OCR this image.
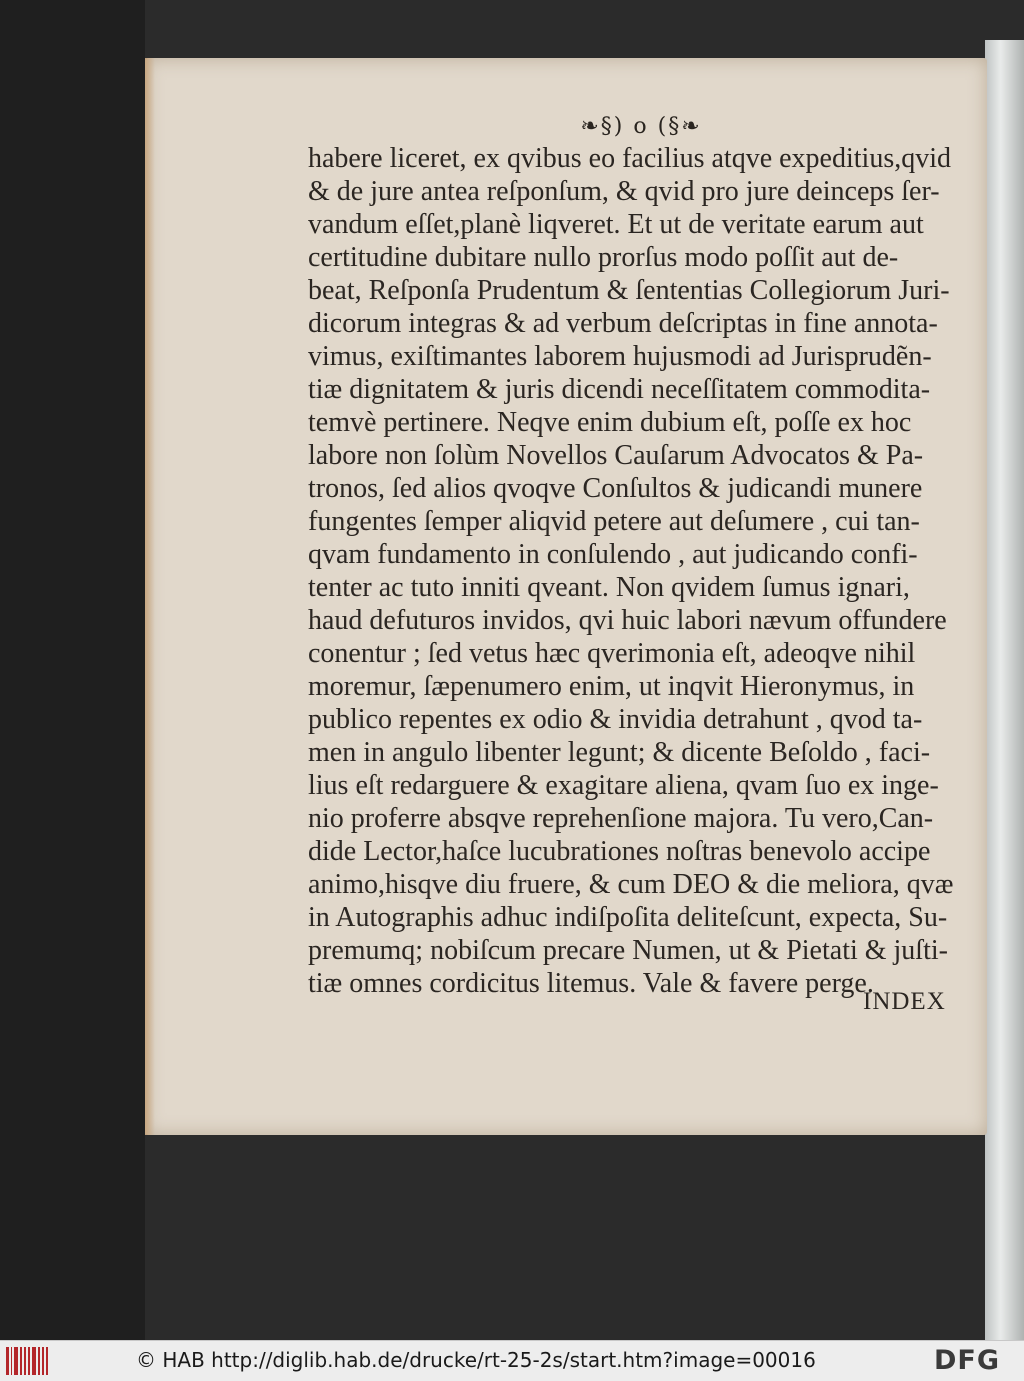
❧§) o (§❧
habere liceret, ex qvibus eo facilius atqve expeditius,qvid
& de jure antea reſponſum, & qvid pro jure deinceps ſer-
vandum eſſet,planè liqveret. Et ut de veritate earum aut
certitudine dubitare nullo prorſus modo poſſit aut de-
beat, Reſponſa Prudentum & ſententias Collegiorum Juri-
dicorum integras & ad verbum deſcriptas in fine annota-
vimus, exiſtimantes laborem hujusmodi ad Jurisprudẽn-
tiæ dignitatem & juris dicendi neceſſitatem commodita-
temvè pertinere. Neqve enim dubium eſt, poſſe ex hoc
labore non ſolùm Novellos Cauſarum Advocatos & Pa-
tronos, ſed alios qvoqve Conſultos & judicandi munere
fungentes ſemper aliqvid petere aut deſumere , cui tan-
qvam fundamento in conſulendo , aut judicando confi-
tenter ac tuto inniti qveant. Non qvidem ſumus ignari,
haud defuturos invidos, qvi huic labori nævum offundere
conentur ; ſed vetus hæc qverimonia eſt, adeoqve nihil
moremur, ſæpenumero enim, ut inqvit Hieronymus, in
publico repentes ex odio & invidia detrahunt , qvod ta-
men in angulo libenter legunt; & dicente Beſoldo , faci-
lius eſt redarguere & exagitare aliena, qvam ſuo ex inge-
nio proferre absqve reprehenſione majora. Tu vero,Can-
dide Lector,haſce lucubrationes noſtras benevolo accipe
animo,hisqve diu fruere, & cum DEO & die meliora, qvæ
in Autographis adhuc indiſpoſita deliteſcunt, expecta, Su-
premumq; nobiſcum precare Numen, ut & Pietati & juſti-
tiæ omnes cordicitus litemus. Vale & favere perge.
INDEX
© HAB http://diglib.hab.de/drucke/rt-25-2s/start.htm?image=00016	DFG
